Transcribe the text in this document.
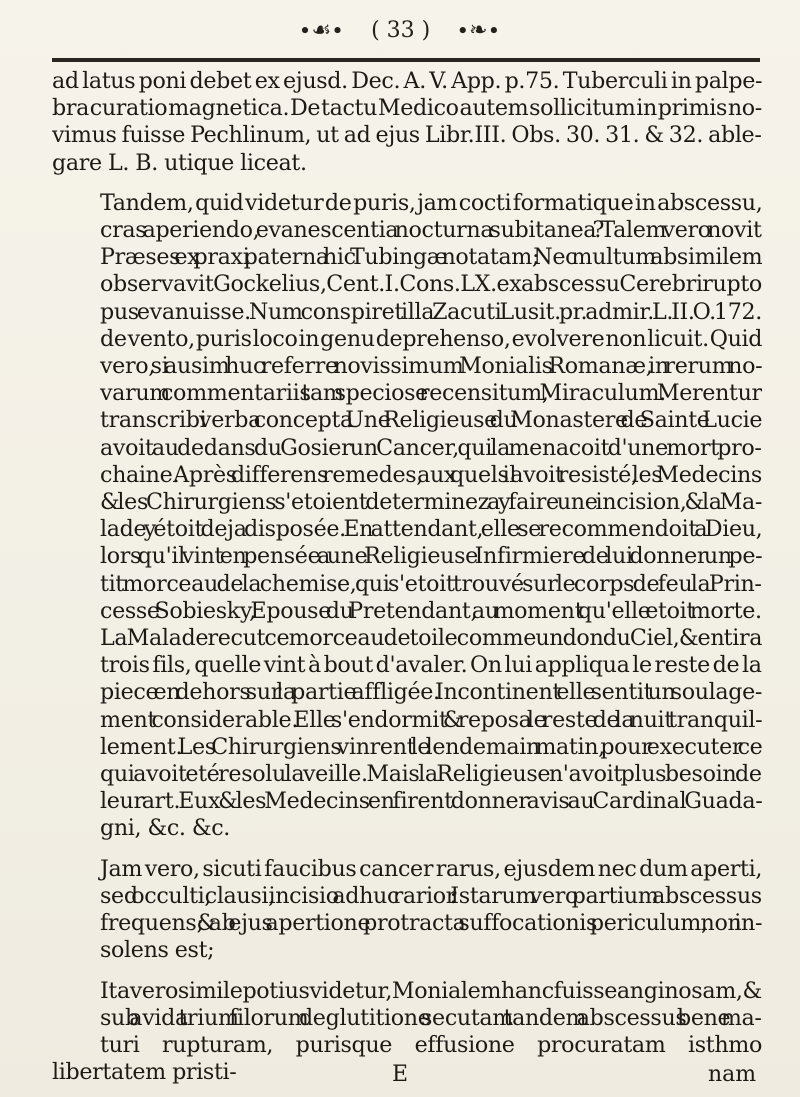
∙☙∙ ( 33 ) ∙❧∙

ad latus poni debet ex ejusd. Dec. A. V. App. p.75. Tuberculi in palpe-
bra curatio magnetica. De tactu Medico autem sollicitum in primis no-
vimus fuisse Pechlinum, ut ad ejus Libr.III. Obs. 30. 31. & 32. able-
gare L. B. utique liceat.

Tandem, quid videtur de puris, jam cocti formatique in abscessu,
cras aperiendo, evanescentia nocturna subitanea ? Talem vero novit
Præses ex praxi paterna hic Tubingæ notatam; Nec multum absimilem
observavit Gockelius, Cent. I. Cons. LX. ex abscessu Cerebri rupto
pus evanuisse. Num conspiret illa Zacuti Lusit. pr. admir. L. II. O. 172.
de vento, puris loco in genu deprehenso, evolvere non licuit. Quid
vero, si ausim huc referre novissimum Monialis Romanæ, in rerum no-
varum commentariis tam speciose recensitum, Miraculum. Merentur
transcribi verba concepta : Une Religieuse du Monastere de Sainte Lucie
avoit au dedans du Gosier un Cancer, qui la menacoit d'une mort pro-
chaine. Après differens remedes, aux quels il avoit resisté, les Medecins
& les Chirurgiens s'etoient determinez a y faire une incision, & la Ma-
lade y étoit deja disposée. En attendant, elle se recommendoit a Dieu,
lors qu'il vint en pensée a une Religieuse Infirmiere de lui donner un pe-
tit morceau de la chemise, qui s'etoit trouvé sur le corps de feu la Prin-
cesse Sobiesky, Epouse du Pretendant, au moment qu'elle etoit morte.
La Malade recut ce morceau de toile comme un don du Ciel, & en tira
trois fils, quelle vint à bout d'avaler. On lui appliqua le reste de la
piece en dehors sur la partie affligée. Incontinent elle sentit un soulage-
ment considerable. Elle s'endormit & reposa le reste de la nuit tranquil-
lement. Les Chirurgiens vinrent le lendemain matin, pour executer ce
qui avoit eté resolu la veille. Mais la Religieuse n'avoit plus besoin de
leur art. Eux & les Medecins en firent donner avis au Cardinal Guada-
gni, &c. &c.

Jam vero, sicuti faucibus cancer rarus, ejusdem nec dum aperti,
sed occulti, clausi, incisio adhuc rarior : Istarum vero partium abscessus
frequens; & ab ejus apertione protracta suffocationis periculum, non in-
solens est;

Ita vero simile potius videtur, Monialem hanc fuisse anginosam, &
sub avida trium filorum deglutitione secutam tandem abscessus bene ma-
turi rupturam, purisque effusione procuratam isthmo libertatem pristi-	E	nam
